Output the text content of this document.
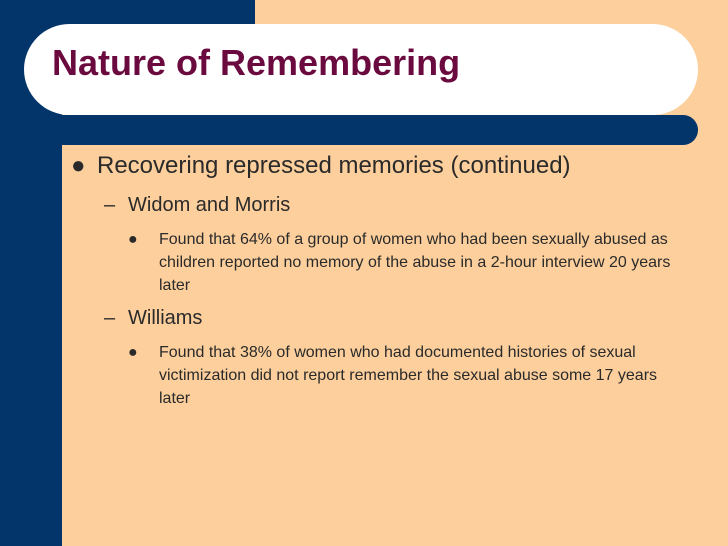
Nature of Remembering
● Recovering repressed memories (continued)
– Widom and Morris
● Found that 64% of a group of women who had been sexually abused as children reported no memory of the abuse in a 2-hour interview 20 years later
– Williams
● Found that 38% of women who had documented histories of sexual victimization did not report remember the sexual abuse some 17 years later
